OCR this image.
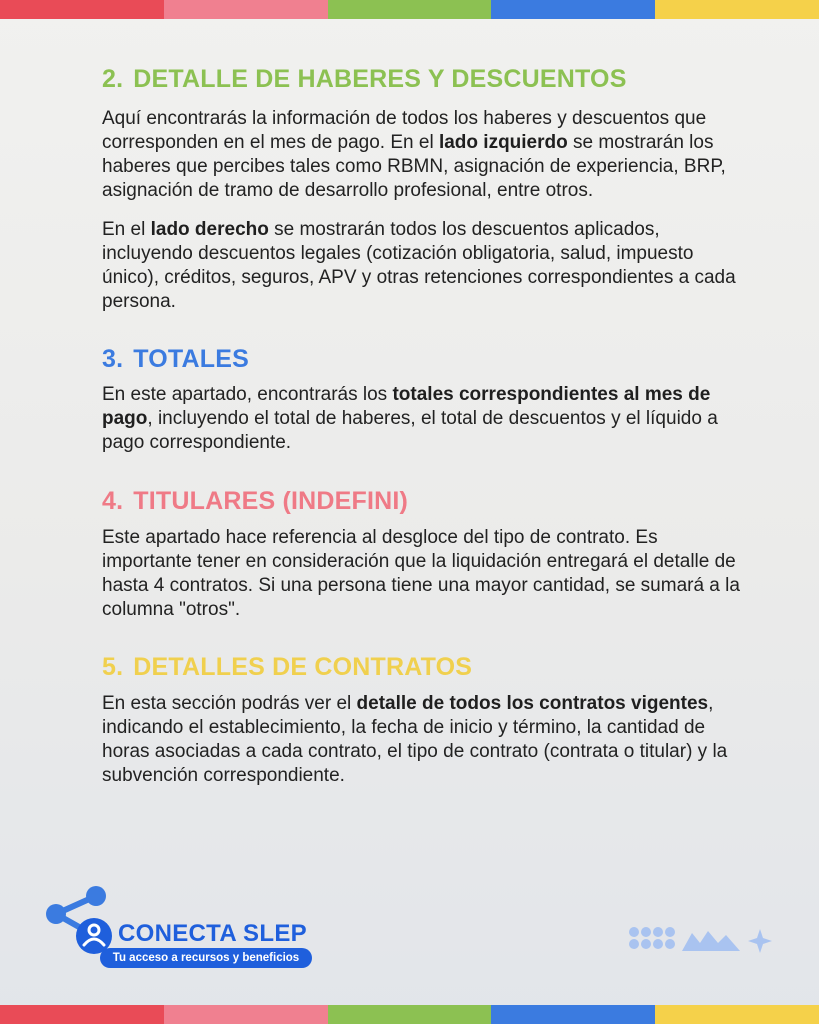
2. DETALLE DE HABERES Y DESCUENTOS

Aquí encontrarás la información de todos los haberes y descuentos que corresponden en el mes de pago. En el lado izquierdo se mostrarán los haberes que percibes tales como RBMN, asignación de experiencia, BRP, asignación de tramo de desarrollo profesional, entre otros.

En el lado derecho se mostrarán todos los descuentos aplicados, incluyendo descuentos legales (cotización obligatoria, salud, impuesto único), créditos, seguros, APV y otras retenciones correspondientes a cada persona.

3. TOTALES

En este apartado, encontrarás los totales correspondientes al mes de pago, incluyendo el total de haberes, el total de descuentos y el líquido a pago correspondiente.

4. TITULARES (INDEFINI)

Este apartado hace referencia al desgloce del tipo de contrato. Es importante tener en consideración que la liquidación entregará el detalle de hasta 4 contratos. Si una persona tiene una mayor cantidad, se sumará a la columna "otros".

5. DETALLES DE CONTRATOS

En esta sección podrás ver el detalle de todos los contratos vigentes, indicando el establecimiento, la fecha de inicio y término, la cantidad de horas asociadas a cada contrato, el tipo de contrato (contrata o titular) y la subvención correspondiente.

CONECTA SLEP
Tu acceso a recursos y beneficios
